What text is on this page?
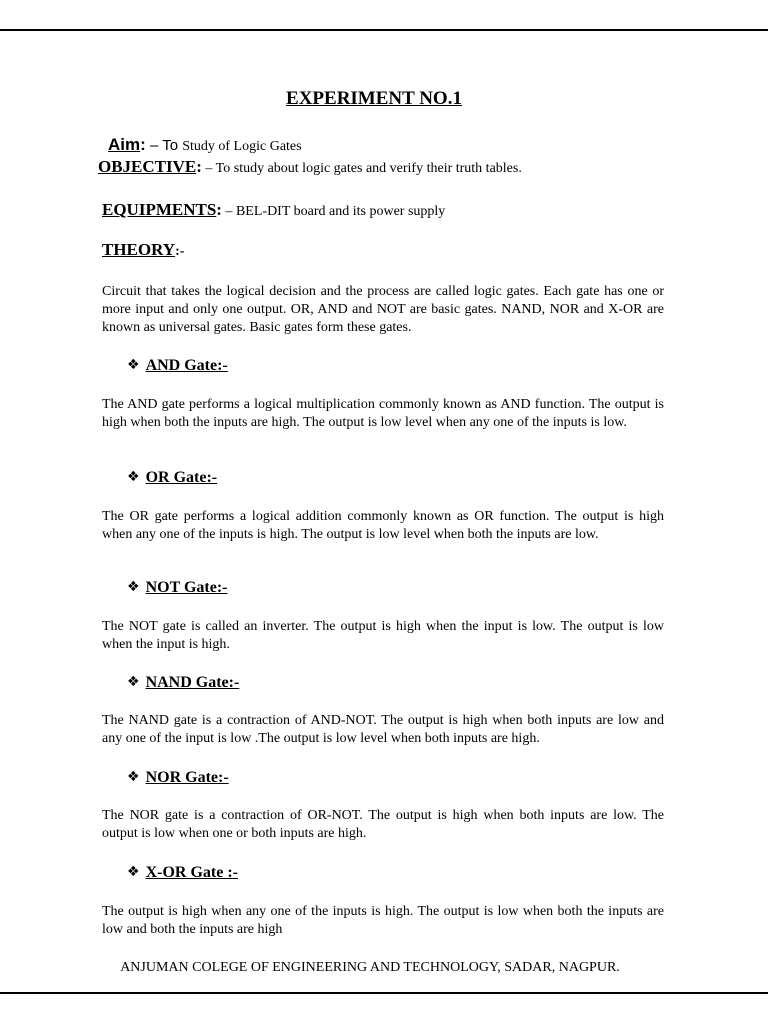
EXPERIMENT NO.1
Aim: – To Study of Logic Gates
OBJECTIVE: – To study about logic gates and verify their truth tables.
EQUIPMENTS: – BEL-DIT board and its power supply
THEORY:-
Circuit that takes the logical decision and the process are called logic gates. Each gate has one or more input and only one output. OR, AND and NOT are basic gates. NAND, NOR and X-OR are known as universal gates. Basic gates form these gates.
❖ AND Gate:-
The AND gate performs a logical multiplication commonly known as AND function. The output is high when both the inputs are high. The output is low level when any one of the inputs is low.
❖ OR Gate:-
The OR gate performs a logical addition commonly known as OR function. The output is high when any one of the inputs is high. The output is low level when both the inputs are low.
❖ NOT Gate:-
The NOT gate is called an inverter. The output is high when the input is low. The output is low when the input is high.
❖ NAND Gate:-
The NAND gate is a contraction of AND-NOT. The output is high when both inputs are low and any one of the input is low .The output is low level when both inputs are high.
❖ NOR Gate:-
The NOR gate is a contraction of OR-NOT. The output is high when both inputs are low. The output is low when one or both inputs are high.
❖ X-OR Gate :-
The output is high when any one of the inputs is high. The output is low when both the inputs are low and both the inputs are high
ANJUMAN COLEGE OF ENGINEERING AND TECHNOLOGY, SADAR, NAGPUR.
